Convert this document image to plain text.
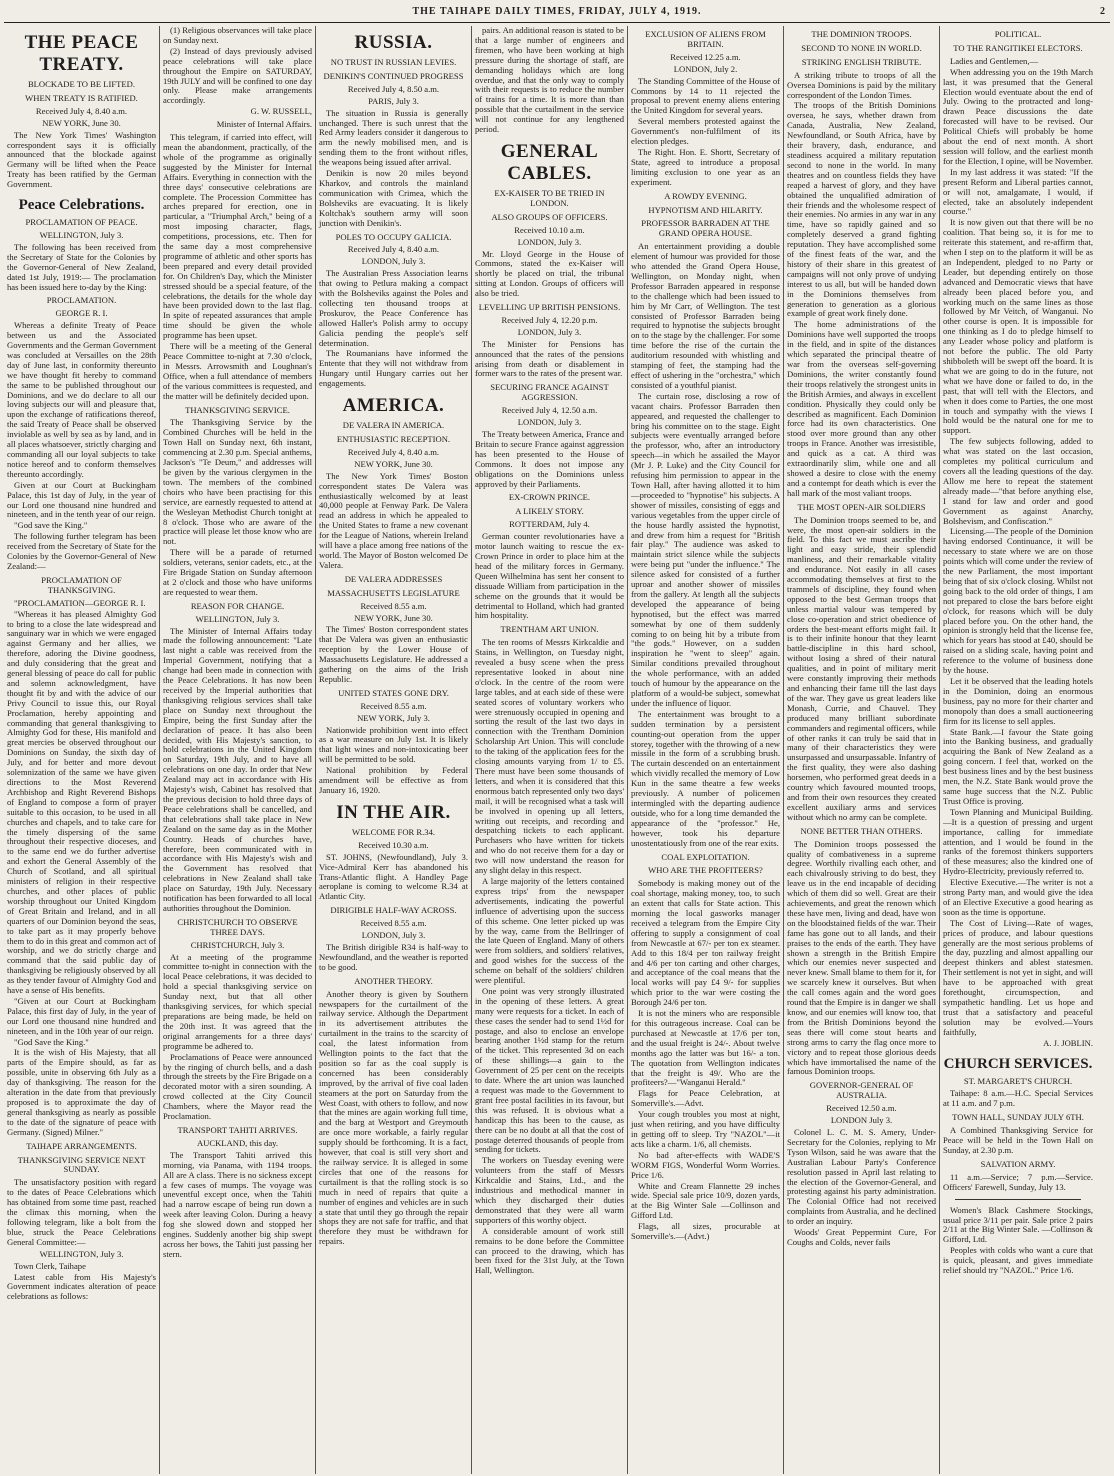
THE TAIHAPE DAILY TIMES, FRIDAY, JULY 4, 1919.	2
THE PEACE TREATY.
BLOCKADE TO BE LIFTED.
WHEN TREATY IS RATIFIED.
Received July 4, 8.40 a.m.
NEW YORK, June 30.

The New York Times' Washington correspondent says it is officially announced that the blockade against Germany will be lifted when the Peace Treaty has been ratified by the German Government.

Peace Celebrations.
PROCLAMATION OF PEACE.
WELLINGTON, July 3.

The following has been received from the Secretary of State for the Colonies by the Governor-General of New Zealand, dated 1st July, 1919:— The proclamation has been issued here to-day by the King:

PROCLAMATION.
GEORGE R. I.

Whereas a definite Treaty of Peace between us and the Associated Governments and the German Government was concluded at Versailles on the 28th day of June last, in conformity thereunto we have thought fit hereby to command the same to be published throughout our Dominions, and we do declare to all our loving subjects our will and pleasure that, upon the exchange of ratifications thereof, the said Treaty of Peace shall be observed inviolable as well by sea as by land, and in all places whatsoever, strictly charging and commanding all our loyal subjects to take notice hereof and to conform themselves thereunto accordingly.

Given at our Court at Buckingham Palace, this 1st day of July, in the year of our Lord one thousand nine hundred and nineteen, and in the tenth year of our reign.

"God save the King."

The following further telegram has been received from the Secretary of State for the Colonies by the Governor-General of New Zealand:—

PROCLAMATION OF THANKSGIVING.

"PROCLAMATION—GEORGE R. I.

"Whereas it has pleased Almighty God to bring to a close the late widespread and sanguinary war in which we were engaged against Germany and her allies, we therefore, adoring the Divine goodness, and duly considering that the great and general blessing of peace do call for public and solemn acknowledgment, have thought fit by and with the advice of our Privy Council to issue this, our Royal Proclamation, hereby appointing and commanding that general thanksgiving to Almighty God for these, His manifold and great mercies be observed throughout our Dominions on Sunday, the sixth day of July, and for better and more devout solemnization of the same we have given directions to the Most Reverend Archbishop and Right Reverend Bishops of England to compose a form of prayer suitable to this occasion, to be used in all churches and chapels, and to take care for the timely dispersing of the same throughout their respective dioceses, and to the same end we do further advertise and exhort the General Assembly of the Church of Scotland, and all spiritual ministers of religion in their respective churches, and other places of public worship throughout our United Kingdom of Great Britain and Ireland, and in all quarters of our Dominion beyond the seas, to take part as it may properly behove them to do in this great and common act of worship, and we do strictly charge and command that the said public day of thanksgiving be religiously observed by all as they tender favour of Almighty God and have a sense of His benefits.

"Given at our Court at Buckingham Palace, this first day of July, in the year of our Lord one thousand nine hundred and nineteen, and in the 10th year of our reign.

"God Save the King."

It is the wish of His Majesty, that all parts of the Empire should, as far as possible, unite in observing 6th July as a day of thanksgiving. The reason for the alteration in the date from that previously proposed is to approximate the day of general thanksgiving as nearly as possible to the date of the signature of peace with Germany. (Signed) Milner."

TAIHAPE ARRANGEMENTS.
THANKSGIVING SERVICE NEXT SUNDAY.

The unsatisfactory position with regard to the dates of Peace Celebrations which has obtained from some time past, reached the climax this morning, when the following telegram, like a bolt from the blue, struck the Peace Celebrations General Committee:—

WELLINGTON, July 3.

Town Clerk, Taihape

Latest cable from His Majesty's Government indicates alteration of peace celebrations as follows:

(1) Religious observances will take place on Sunday next.

(2) Instead of days previously advised peace celebrations will take place throughout the Empire on SATURDAY, 19th JULY and will be confined to one day only. Please make arrangements accordingly.

G. W. RUSSELL,
Minister of Internal Affairs.

This telegram, if carried into effect, will mean the abandonment, practically, of the whole of the programme as originally suggested by the Minister for Internal Affairs. Everything in connection with the three days' consecutive celebrations are complete. The Procession Committee has arches prepared for erection, one in particular, a "Triumphal Arch," being of a most imposing character, flags, competitions, processions, etc. Then for the same day a most comprehensive programme of athletic and other sports has been prepared and every detail provided for. On Children's Day, which the Minister stressed should be a special feature, of the celebrations, the details for the whole day have been provided down to the last flag. In spite of repeated assurances that ample time should be given the whole programme has been upset.

There will be a meeting of the General Peace Committee to-night at 7.30 o'clock, in Messrs. Arrowsmith and Loughnan's Office, when a full attendance of members of the various committees is requested, and the matter will be definitely decided upon.

THANKSGIVING SERVICE.

The Thanksgiving Service by the Combined Churches will be held in the Town Hall on Sunday next, 6th instant, commencing at 2.30 p.m. Special anthems, Jackson's "Te Deum," and addresses will be given by the various clergymen in the town. The members of the combined choirs who have been practising for this service, are earnestly requested to attend at the Wesleyan Methodist Church tonight at 8 o'clock. Those who are aware of the practice will please let those know who are not.

There will be a parade of returned soldiers, veterans, senior cadets, etc., at the Fire Brigade Station on Sunday afternoon at 2 o'clock and those who have uniforms are requested to wear them.

REASON FOR CHANGE.
WELLINGTON, July 3.

The Minister of Internal Affairs today made the following announcement: "Late last night a cable was received from the Imperial Government, notifying that a change had been made in connection with the Peace Celebrations. It has now been received by the Imperial authorities that thanksgiving religious services shall take place on Sunday next throughout the Empire, being the first Sunday after the declaration of peace. It has also been decided, with His Majesty's sanction, to hold celebrations in the United Kingdom on Saturday, 19th July, and to have all celebrations on one day. In order that New Zealand may act in accordance with His Majesty's wish, Cabinet has resolved that the previous decision to hold three days of Peace celebrations shall be cancelled, and that celebrations shall take place in New Zealand on the same day as in the Mother Country. Heads of churches have, therefore, been communicated with in accordance with His Majesty's wish and the Government has resolved that celebrations in New Zealand shall take place on Saturday, 19th July. Necessary notification has been forwarded to all local authorities throughout the Dominion.

CHRISTCHURCH TO OBSERVE THREE DAYS.
CHRISTCHURCH, July 3.

At a meeting of the programme committee to-night in connection with the local Peace celebrations, it was decided to hold a special thanksgiving service on Sunday next, but that all other thanksgiving services, for which special preparations are being made, be held on the 20th inst. It was agreed that the original arrangements for a three days' programme be adhered to.

Proclamations of Peace were announced by the ringing of church bells, and a dash through the streets by the Fire Brigade on a decorated motor with a siren sounding. A crowd collected at the City Council Chambers, where the Mayor read the Proclamation.

TRANSPORT TAHITI ARRIVES.
AUCKLAND, this day.

The Transport Tahiti arrived this morning, via Panama, with 1194 troops. All are A class. There is no sickness except a few cases of mumps. The voyage was uneventful except once, when the Tahiti had a narrow escape of being run down a week after leaving Colon. During a heavy fog she slowed down and stopped her engines. Suddenly another big ship swept across her bows, the Tahiti just passing her stern.

RUSSIA.
NO TRUST IN RUSSIAN LEVIES.
DENIKIN'S CONTINUED PROGRESS
Received July 4, 8.50 a.m.
PARIS, July 3.

The situation in Russia is generally unchanged. There is such unrest that the Red Army leaders consider it dangerous to arm the newly mobilised men, and is sending them to the front without rifles, the weapons being issued after arrival.

Denikin is now 20 miles beyond Kharkov, and controls the mainland communication with Crimea, which the Bolsheviks are evacuating. It is likely Koltchak's southern army will soon junction with Denikin's.

POLES TO OCCUPY GALICIA.
Received July 4, 8.40 a.m.
LONDON, July 3.

The Australian Press Association learns that owing to Petlura making a compact with the Bolsheviks against the Poles and collecting ten thousand troops at Proskurov, the Peace Conference has allowed Haller's Polish army to occupy Galicia pending the people's self determination.

The Roumanians have informed the Entente that they will not withdraw from Hungary until Hungary carries out her engagements.

AMERICA.
DE VALERA IN AMERICA.
ENTHUSIASTIC RECEPTION.
Received July 4, 8.40 a.m.
NEW YORK, June 30.

The New York Times' Boston correspondent states De Valera was enthusiastically welcomed by at least 40,000 people at Fenway Park. De Valera read an address in which he appealed to the United States to frame a new covenant for the League of Nations, wherein Ireland will have a place among free nations of the world. The Mayor of Boston welcomed De Valera.

DE VALERA ADDRESSES
MASSACHUSETTS LEGISLATURE
Received 8.55 a.m.
NEW YORK, June 30.

The Times' Boston correspondent states that De Valera was given an enthusiastic reception by the Lower House of Massachusetts Legislature. He addressed a gathering on the aims of the Irish Republic.

UNITED STATES GONE DRY.
Received 8.55 a.m.
NEW YORK, July 3.

Nationwide prohibition went into effect as a war measure on July 1st. It is likely that light wines and non-intoxicating beer will be permitted to be sold.

National prohibition by Federal amendment will be effective as from January 16, 1920.

IN THE AIR.
WELCOME FOR R.34.
Received 10.30 a.m.

ST. JOHNS, (Newfoundland), July 3. Vice-Admiral Kerr has abandoned his Trans-Atlantic flight. A Handley Page aeroplane is coming to welcome R.34 at Atlantic City.

DIRIGIBLE HALF-WAY ACROSS.
Received 8.55 a.m.
LONDON, July 3.

The British dirigible R34 is half-way to Newfoundland, and the weather is reported to be good.

ANOTHER THEORY.

Another theory is given by Southern newspapers for the curtailment of the railway service. Although the Department in its advertisement attributes the curtailment in the trains to the scarcity of coal, the latest information from Wellington points to the fact that the position so far as the coal supply is concerned has been considerably improved, by the arrival of five coal laden steamers at the port on Saturday from the West Coast, with others to follow, and now that the mines are again working full time, and the barg at Westport and Greymouth are once more workable, a fairly regular supply should be forthcoming. It is a fact, however, that coal is still very short and the railway service. It is alleged in some circles that one of the reasons for curtailment is that the rolling stock is so much in need of repairs that quite a number of engines and vehicles are in such a state that until they go through the repair shops they are not safe for traffic, and that therefore they must be withdrawn for repairs.

pairs. An additional reason is stated to be that a large number of engineers and firemen, who have been working at high pressure during the shortage of staff, are demanding holidays which are long overdue, and that the only way to comply with their requests is to reduce the number of trains for a time. It is more than than possible that the curtailment in the service will not continue for any lengthened period.

GENERAL CABLES.
EX-KAISER TO BE TRIED IN LONDON.
ALSO GROUPS OF OFFICERS.
Received 10.10 a.m.
LONDON, July 3.

Mr. Lloyd George in the House of Commons, stated the ex-Kaiser will shortly be placed on trial, the tribunal sitting at London. Groups of officers will also be tried.

LEVELLING UP BRITISH PENSIONS.
Received July 4, 12.20 p.m.
LONDON, July 3.

The Minister for Pensions has announced that the rates of the pensions arising from death or disablement in former wars to the rates of the present war.

SECURING FRANCE AGAINST AGGRESSION.
Received July 4, 12.50 a.m.
LONDON, July 3.

The Treaty between America, France and Britain to secure France against aggression has been presented to the House of Commons. It does not impose any obligations on the Dominions unless approved by their Parliaments.

EX-CROWN PRINCE.
A LIKELY STORY.
ROTTERDAM, July 4.

German counter revolutionaries have a motor launch waiting to rescue the ex-Crown Prince in order to place him at the head of the military forces in Germany. Queen Wilhelmina has sent her consent to dissuade William from participation in the scheme on the grounds that it would be detrimental to Holland, which had granted him hospitality.

TRENTHAM ART UNION.

The ten rooms of Messrs Kirkcaldie and Stains, in Wellington, on Tuesday night, revealed a busy scene when the press representative looked in about nine o'clock. In the centre of the room were large tables, and at each side of these were seated scores of voluntary workers who were strenuously occupied in opening and sorting the result of the last two days in connection with the Trentham Dominion Scholarship Art Union. This will conclude to the taking of the application fees for the closing amounts varying from 1/ to £5. There must have been some thousands of letters, and when it is considered that this enormous batch represented only two days' mail, it will be recognised what a task will be involved in opening up all letters, writing out receipts, and recording and despatching tickets to each applicant. Purchasers who have written for tickets and who do not receive them for a day or two will now understand the reason for any slight delay in this respect.

A large majority of the letters contained express trips' from the newspaper advertisements, indicating the powerful influence of advertising upon the success of this scheme. One letter picked up was by the way, came from the Bellringer of the late Queen of England. Many of others were from soldiers, and soldiers' relatives, and good wishes for the success of the scheme on behalf of the soldiers' children were plentiful.

One point was very strongly illustrated in the opening of these letters. A great many were requests for a ticket. In each of these cases the sender had to send 1½d for postage, and also to enclose an envelope bearing another 1½d stamp for the return of the ticket. This represented 3d on each of these shillings—a gain to the Government of 25 per cent on the receipts to date. Where the art union was launched a request was made to the Government to grant free postal facilities in its favour, but this was refused. It is obvious what a handicap this has been to the cause, as there can be no doubt at all that the cost of postage deterred thousands of people from sending for tickets.

The workers on Tuesday evening were volunteers from the staff of Messrs Kirkcaldie and Stains, Ltd., and the industrious and methodical manner in which they discharged their duties demonstrated that they were all warm supporters of this worthy object.

A considerable amount of work still remains to be done before the Committee can proceed to the drawing, which has been fixed for the 31st July, at the Town Hall, Wellington.

EXCLUSION OF ALIENS FROM BRITAIN.
Received 12.25 a.m.
LONDON, July 2.

The Standing Committee of the House of Commons by 14 to 11 rejected the proposal to prevent enemy aliens entering the United Kingdom for several years.

Several members protested against the Government's non-fulfilment of its election pledges.

The Right. Hon. E. Shortt, Secretary of State, agreed to introduce a proposal limiting exclusion to one year as an experiment.

A ROWDY EVENING.
HYPNOTISM AND HILARITY.
PROFESSOR BARRADEN AT THE GRAND OPERA HOUSE.

An entertainment providing a double element of humour was provided for those who attended the Grand Opera House, Wellington, on Monday night, when Professor Barraden appeared in response to the challenge which had been issued to him by Mr Carr, of Wellington. The test consisted of Professor Barraden being required to hypnotise the subjects brought on to the stage by the challenger. For some time before the rise of the curtain the auditorium resounded with whistling and stamping of feet, the stamping had the effect of ushering in the "orchestra," which consisted of a youthful pianist.

The curtain rose, disclosing a row of vacant chairs. Professor Barraden then appeared, and requested the challenger to bring his committee on to the stage. Eight subjects were eventually arranged before the professor, who, after an introductory speech—in which he assailed the Mayor (Mr J. P. Luke) and the City Council for refusing him permission to appear in the Town Hall, after having allotted it to him—proceeded to "hypnotise" his subjects. A shower of missiles, consisting of eggs and various vegetables from the upper circle of the house hardly assisted the hypnotist, and drew from him a request for "British fair play." The audience was asked to maintain strict silence while the subjects were being put "under the influence." The silence asked for consisted of a further uproar and another shower of missiles from the gallery. At length all the subjects developed the appearance of being hypnotised, but the effect was marred somewhat by one of them suddenly coming to on being hit by a tribute from "the gods." However, on a sudden inspiration he "went to sleep" again. Similar conditions prevailed throughout the whole performance, with an added touch of humour by the appearance on the platform of a would-be subject, somewhat under the influence of liquor.

The entertainment was brought to a sudden termination by a persistent counting-out operation from the upper storey, together with the throwing of a new missile in the form of a scrubbing brush. The curtain descended on an entertainment which vividly recalled the memory of Low Kun in the same theatre a few weeks previously. A number of policemen intermingled with the departing audience outside, who for a long time demanded the appearance of the "professor." He, however, took his departure unostentatiously from one of the rear exits.

COAL EXPLOITATION.
WHO ARE THE PROFITEERS?

Somebody is making money out of the coal shortage, making money, too, to such an extent that calls for State action. This morning the local gasworks manager received a telegram from the Empire City offering to supply a consignment of coal from Newcastle at 67/- per ton ex steamer. Add to this 18/4 per ton railway freight and 4/6 per ton carting and other charges, and acceptance of the coal means that the local works will pay £4 9/- for supplies which prior to the war were costing the Borough 24/6 per ton.

It is not the miners who are responsible for this outrageous increase. Coal can be purchased at Newcastle at 17/6 per ton, and the usual freight is 24/-. About twelve months ago the latter was but 16/- a ton. The quotation from Wellington indicates that the freight is 49/. Who are the profiteers?—"Wanganui Herald."

Flags for Peace Celebration, at Somerville's.—Advt.

Your cough troubles you most at night, just when retiring, and you have difficulty in getting off to sleep. Try "NAZOL"—it acts like a charm. 1/6, all chemists.

No bad after-effects with WADE'S WORM FIGS, Wonderful Worm Worries. Price 1/6.

White and Cream Flannette 29 inches wide. Special sale price 10/9, dozen yards, at the Big Winter Sale —Collinson and Gifford Ltd.

Flags, all sizes, procurable at Somerville's.—(Advt.)

THE DOMINION TROOPS.
SECOND TO NONE IN WORLD.
STRIKING ENGLISH TRIBUTE.

A striking tribute to troops of all the Oversea Dominions is paid by the military correspondent of the London Times.

The troops of the British Dominions oversea, he says, whether drawn from Canada, Australia, New Zealand, Newfoundland, or South Africa, have by their bravery, dash, endurance, and steadiness acquired a military reputation second to none in the world. In many theatres and on countless fields they have reaped a harvest of glory, and they have obtained the unqualified admiration of their friends and the wholesome respect of their enemies. No armies in any war in any time, have so rapidly gained and so completely deserved a grand fighting reputation. They have accomplished some of the finest feats of the war, and the history of their share in this greatest of campaigns will not only prove of undying interest to us all, but will be handed down in the Dominions themselves from generation to generation as a glorious example of great work finely done.

The home administrations of the Dominions have well supported the troops in the field, and in spite of the distances which separated the principal theatre of war from the overseas self-governing Dominions, the writer constantly found their troops relatively the strongest units in the British Armies, and always in excellent condition. Physically they could only be described as magnificent. Each Dominion force had its own characteristics. One stood over more ground than any other troops in France. Another was irresistible, and quick as a cat. A third was extraordinarily slim, while one and all showed a desire to close with the enemy and a contempt for death which is ever the hall mark of the most valiant troops.

THE MOST OPEN-AIR SOLDIERS

The Dominion troops seemed to be, and were, the most open-air soldiers in the field. To this fact we must ascribe their light and easy stride, their splendid manliness, and their remarkable vitality and endurance. Not easily in all cases accommodating themselves at first to the trammels of discipline, they found when opposed to the best German troops that unless martial valour was tempered by close co-operation and strict obedience of orders the best-meant efforts might fail. It is to their infinite honour that they learnt battle-discipline in this hard school, without losing a shred of their natural qualities, and in point of military merit were constantly improving their methods and enhancing their fame till the last days of the war. They gave us great leaders like Monash, Currie, and Chauvel. They produced many brilliant subordinate commanders and regimental officers, while of other ranks it can truly be said that in many of their characteristics they were unsurpassed and unsurpassable. Infantry of the first quality, they were also dashing horsemen, who performed great deeds in a country which favoured mounted troops, and from their own resources they created excellent auxiliary arms and services without which no army can be complete.

NONE BETTER THAN OTHERS.

The Dominion troops possessed the quality of combativeness in a supreme degree. Worthily rivalling each other, and each chivalrously striving to do best, they leave us in the end incapable of deciding which of them did so well. Great are their achievements, and great the renown which these have men, living and dead, have won on the bloodstained fields of the war. Their fame has gone out to all lands, and their praises to the ends of the earth. They have shown a strength in the British Empire which our enemies never suspected and never knew. Small blame to them for it, for we scarcely knew it ourselves. But when the call comes again and the word goes round that the Empire is in danger we shall know, and our enemies will know too, that from the British Dominions beyond the seas there will come stout hearts and strong arms to carry the flag once more to victory and to repeat those glorious deeds which have immortalised the name of the famous Dominion troops.

GOVERNOR-GENERAL OF AUSTRALIA.
Received 12.50 a.m.
LONDON July 3.

Colonel L. C. M. S. Amery, Under-Secretary for the Colonies, replying to Mr Tyson Wilson, said he was aware that the Australian Labour Party's Conference resolution passed in April last relating to the election of the Governor-General, and protesting against his party administration. The Colonial Office had not received complaints from Australia, and he declined to order an inquiry.

Woods' Great Peppermint Cure, For Coughs and Colds, never fails

POLITICAL.
TO THE RANGITIKEI ELECTORS.

Ladies and Gentlemen,—

When addressing you on the 19th March last, it was presumed that the General Election would eventuate about the end of July. Owing to the protracted and long-drawn Peace discussions the date forecasted will have to be revised. Our Political Chiefs will probably be home about the end of next month. A short session will follow, and the earliest month for the Election, I opine, will be November.

In my last address it was stated: "If the present Reform and Liberal parties cannot, or will not, amalgamate, I would, if elected, take an absolutely independent course."

It is now given out that there will be no coalition. That being so, it is for me to reiterate this statement, and re-affirm that, when I step on to the platform it will be as an Independent, pledged to no Party or Leader, but depending entirely on those advanced and Democratic views that have already been placed before you, and working much on the same lines as those followed by Mr Veitch, of Wanganui. No other course is open. It is impossible for one thinking as I do to pledge himself to any Leader whose policy and platform is not before the public. The old Party shibboleth will be swept off the board. It is what we are going to do in the future, not what we have done or failed to do, in the past, that will tell with the Electors, and when it does come to Parties, the one most in touch and sympathy with the views I hold would be the natural one for me to support.

The few subjects following, added to what was stated on the last occasion, completes my political curriculum and covers all the leading questions of the day. Allow me here to repeat the statement already made—"that before anything else, I stand for law and order and good Government as against Anarchy, Bolshevism, and Confiscation."

Licensing.—The people of the Dominion having endorsed Continuance, it will be necessary to state where we are on those points which will come under the review of the new Parliament, the most important being that of six o'clock closing. Whilst not going back to the old order of things, I am not prepared to close the bars before eight o'clock, for reasons which will be duly placed before you. On the other hand, the opinion is strongly held that the license fee, which for years has stood at £40, should be raised on a sliding scale, having point and reference to the volume of business done by the house.

Let it be observed that the leading hotels in the Dominion, doing an enormous business, pay no more for their charter and monopoly than does a small auctioneering firm for its license to sell apples.

State Bank.—I favour the State going into the Banking business, and gradually acquiring the Bank of New Zealand as a going concern. I feel that, worked on the best business lines and by the best business men, the N.Z. State Bank would prove the same huge success that the N.Z. Public Trust Office is proving.

Town Planning and Municipal Building.—It is a question of pressing and urgent importance, calling for immediate attention, and I would be found in the ranks of the foremost thinkers supporters of these measures; also the kindred one of Hydro-Electricity, previously referred to.

Elective Executive.—The writer is not a strong Party man, and would give the idea of an Elective Executive a good hearing as soon as the time is opportune.

The Cost of Living—Rate of wages, prices of produce, and labour questions generally are the most serious problems of the day, puzzling and almost appalling our deepest thinkers and ablest statesmen. Their settlement is not yet in sight, and will have to be approached with great forethought, circumspection, and sympathetic handling. Let us hope and trust that a satisfactory and peaceful solution may be evolved.—Yours faithfully,

A. J. JOBLIN.
CHURCH SERVICES.
ST. MARGARET'S CHURCH.

Taihape: 8 a.m.—H.C. Special Services at 11 a.m. and 7 p.m.

TOWN HALL, SUNDAY JULY 6TH.

A Combined Thanksgiving Service for Peace will be held in the Town Hall on Sunday, at 2.30 p.m.

SALVATION ARMY.

11 a.m.—Service; 7 p.m.—Service. Officers' Farewell, Sunday, July 13.

Women's Black Cashmere Stockings, usual price 3/11 per pair. Sale price 2 pairs 2/11 at the Big Winter Sale. —Collinson & Gifford, Ltd.

Peoples with colds who want a cure that is quick, pleasant, and gives immediate relief should try "NAZOL." Price 1/6.
